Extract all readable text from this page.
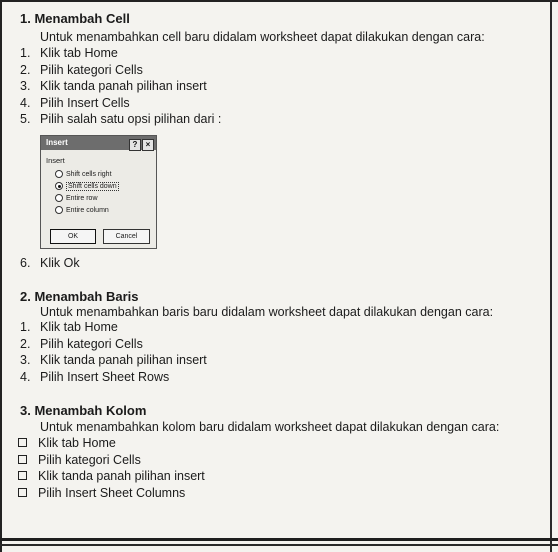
1. Menambah Cell
Untuk menambahkan cell baru didalam worksheet dapat dilakukan dengan cara:
1. Klik tab Home
2. Pilih kategori Cells
3. Klik tanda panah pilihan insert
4. Pilih Insert Cells
5. Pilih salah satu opsi pilihan dari :
Insert	? ×
Insert
Shift cells right
Shift cells down
Entire row
Entire column
OK	Cancel
6. Klik Ok
2. Menambah Baris
Untuk menambahkan baris baru didalam worksheet dapat dilakukan dengan cara:
1. Klik tab Home
2. Pilih kategori Cells
3. Klik tanda panah pilihan insert
4. Pilih Insert Sheet Rows
3. Menambah Kolom
Untuk menambahkan kolom baru didalam worksheet dapat dilakukan dengan cara:
Klik tab Home
Pilih kategori Cells
Klik tanda panah pilihan insert
Pilih Insert Sheet Columns
